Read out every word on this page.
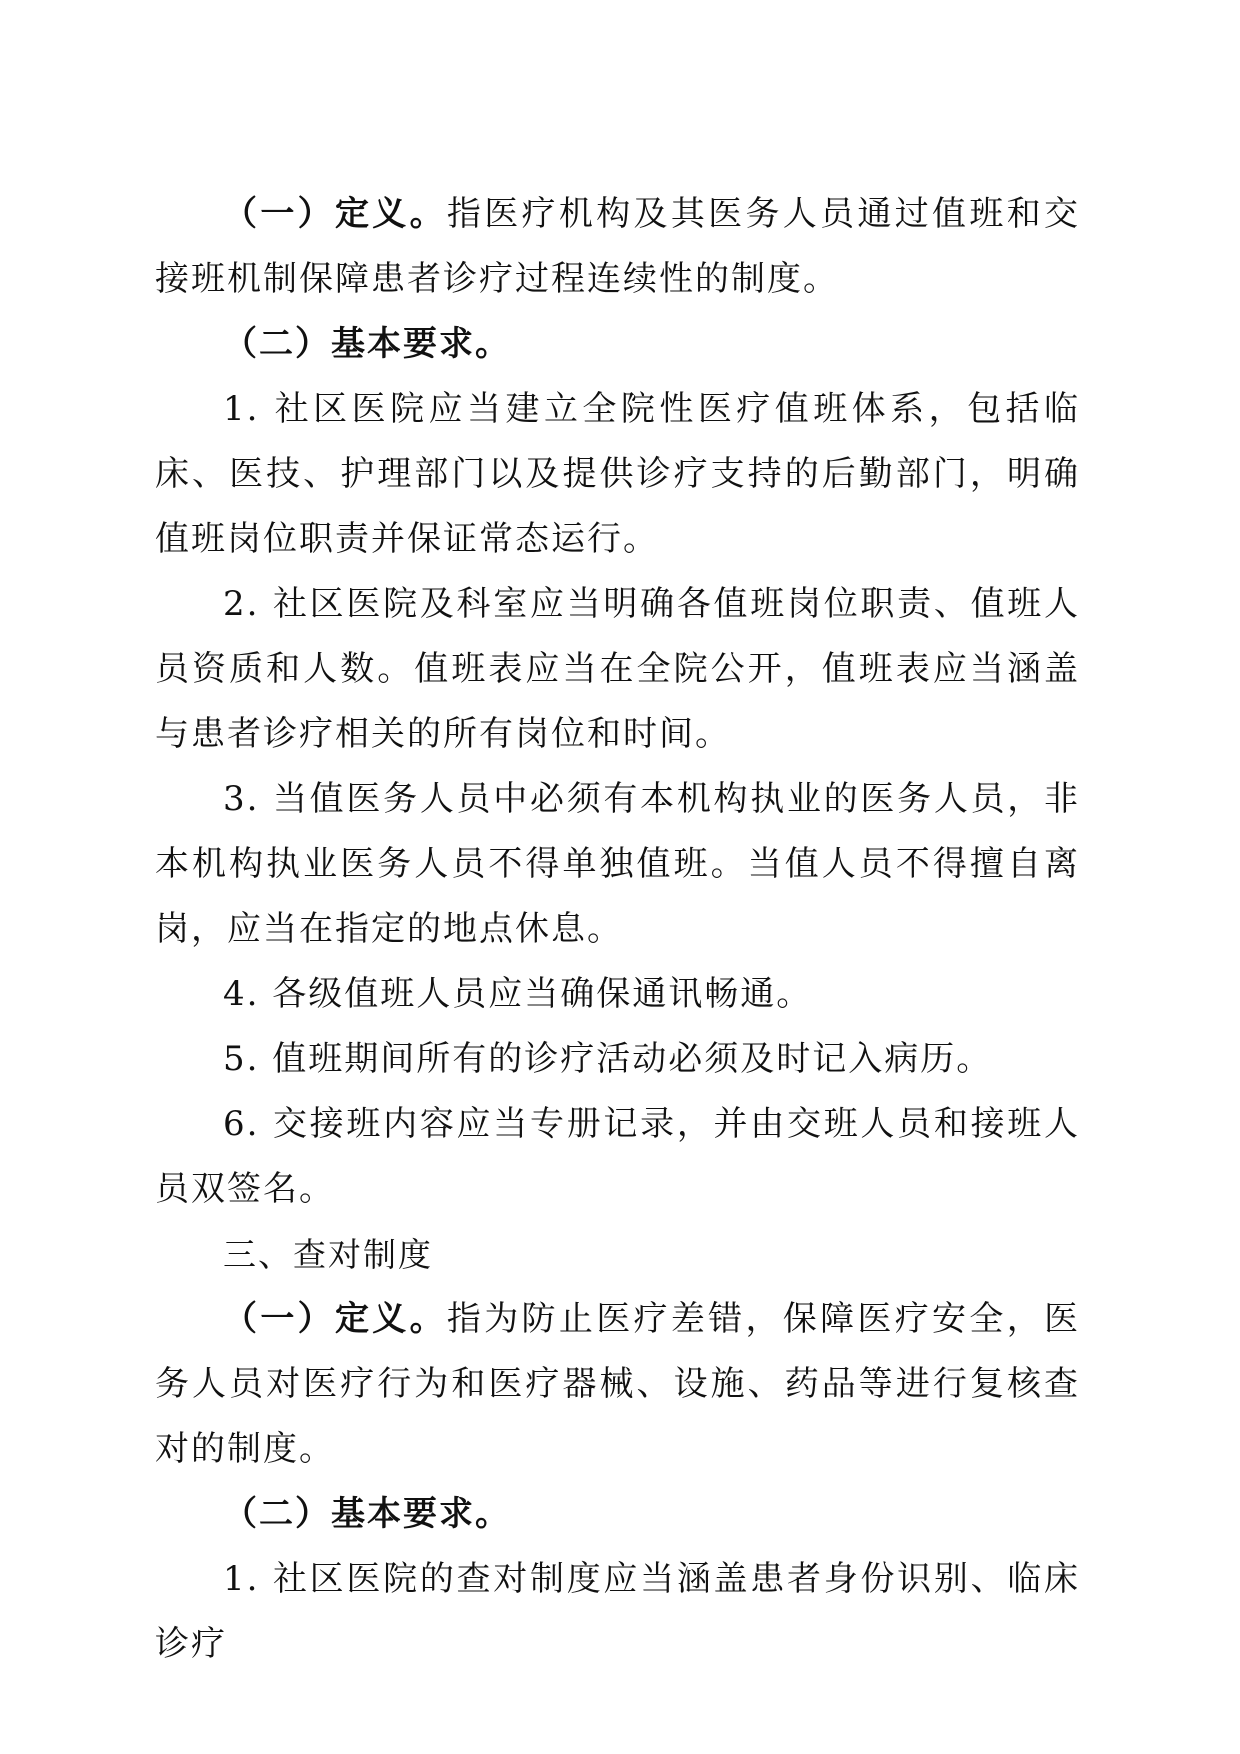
（一）定义。指医疗机构及其医务人员通过值班和交接班机制保障患者诊疗过程连续性的制度。

（二）基本要求。

1. 社区医院应当建立全院性医疗值班体系，包括临床、医技、护理部门以及提供诊疗支持的后勤部门，明确值班岗位职责并保证常态运行。

2. 社区医院及科室应当明确各值班岗位职责、值班人员资质和人数。值班表应当在全院公开，值班表应当涵盖与患者诊疗相关的所有岗位和时间。

3. 当值医务人员中必须有本机构执业的医务人员，非本机构执业医务人员不得单独值班。当值人员不得擅自离岗，应当在指定的地点休息。

4. 各级值班人员应当确保通讯畅通。

5. 值班期间所有的诊疗活动必须及时记入病历。

6. 交接班内容应当专册记录，并由交班人员和接班人员双签名。

三、查对制度

（一）定义。指为防止医疗差错，保障医疗安全，医务人员对医疗行为和医疗器械、设施、药品等进行复核查对的制度。

（二）基本要求。

1. 社区医院的查对制度应当涵盖患者身份识别、临床诊疗
